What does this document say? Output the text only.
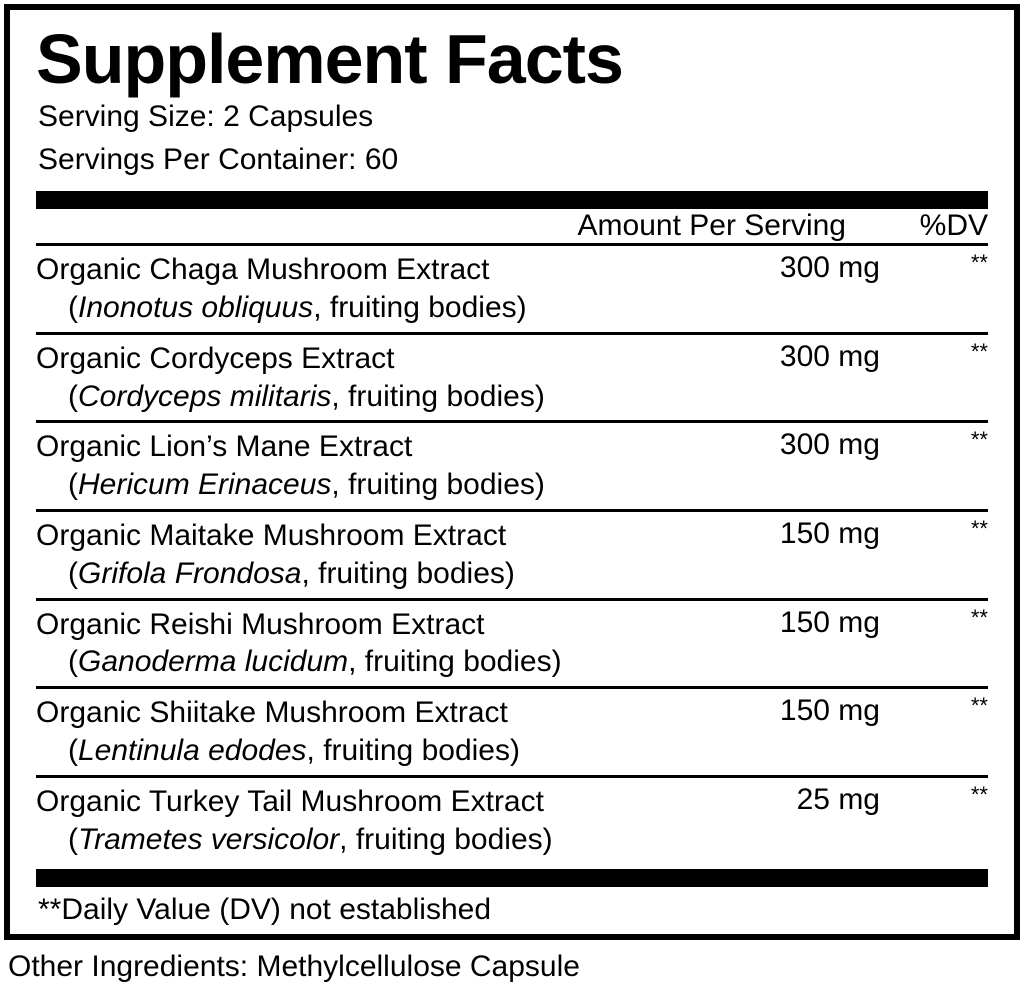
Supplement Facts
Serving Size: 2 Capsules
Servings Per Container: 60
Amount Per Serving		%DV

Organic Chaga Mushroom Extract
(Inonotus obliquus, fruiting bodies)	300 mg	**

Organic Cordyceps Extract
(Cordyceps militaris, fruiting bodies)	300 mg	**

Organic Lion’s Mane Extract
(Hericum Erinaceus, fruiting bodies)	300 mg	**

Organic Maitake Mushroom Extract
(Grifola Frondosa, fruiting bodies)	150 mg	**

Organic Reishi Mushroom Extract
(Ganoderma lucidum, fruiting bodies)	150 mg	**

Organic Shiitake Mushroom Extract
(Lentinula edodes, fruiting bodies)	150 mg	**

Organic Turkey Tail Mushroom Extract
(Trametes versicolor, fruiting bodies)	25 mg	**
**Daily Value (DV) not established
Other Ingredients: Methylcellulose Capsule
